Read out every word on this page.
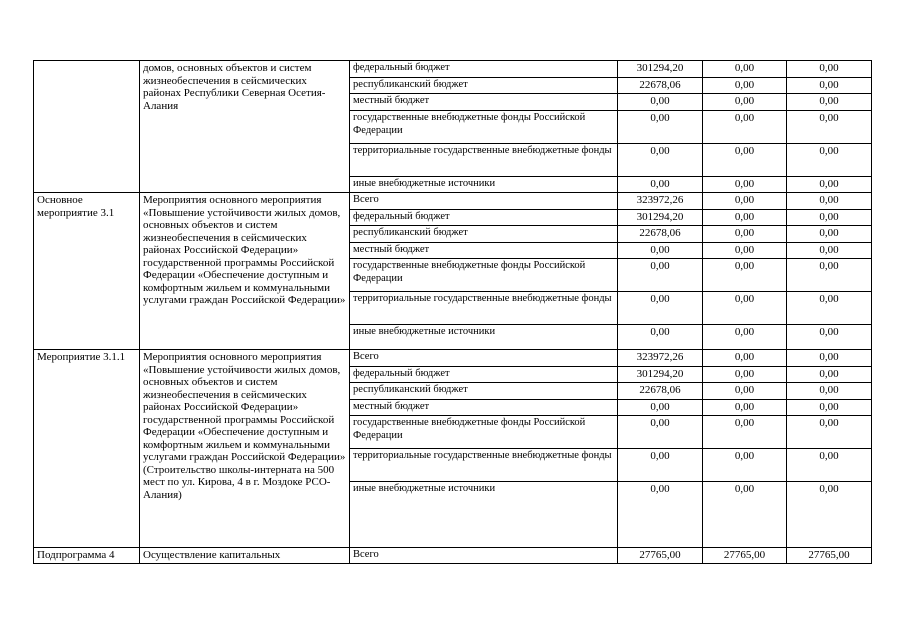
	домов, основных объектов и систем жизнеобеспечения в сейсмических районах Республики Северная Осетия-Алания	федеральный бюджет	301294,20	0,00	0,00
		республиканский бюджет	22678,06	0,00	0,00
		местный бюджет	0,00	0,00	0,00
		государственные внебюджетные фонды Российской Федерации	0,00	0,00	0,00
		территориальные государственные внебюджетные фонды	0,00	0,00	0,00
		иные внебюджетные источники	0,00	0,00	0,00
Основное мероприятие 3.1	Мероприятия основного мероприятия «Повышение устойчивости жилых домов, основных объектов и систем жизнеобеспечения в сейсмических районах Российской Федерации» государственной программы Российской Федерации «Обеспечение доступным и комфортным жильем и коммунальными услугами граждан Российской Федерации»	Всего	323972,26	0,00	0,00
		федеральный бюджет	301294,20	0,00	0,00
		республиканский бюджет	22678,06	0,00	0,00
		местный бюджет	0,00	0,00	0,00
		государственные внебюджетные фонды Российской Федерации	0,00	0,00	0,00
		территориальные государственные внебюджетные фонды	0,00	0,00	0,00
		иные внебюджетные источники	0,00	0,00	0,00
Мероприятие 3.1.1	Мероприятия основного мероприятия «Повышение устойчивости жилых домов, основных объектов и систем жизнеобеспечения в сейсмических районах Российской Федерации» государственной программы Российской Федерации «Обеспечение доступным и комфортным жильем и коммунальными услугами граждан Российской Федерации» (Строительство школы-интерната на 500 мест по ул. Кирова, 4 в г. Моздоке РСО-Алания)	Всего	323972,26	0,00	0,00
		федеральный бюджет	301294,20	0,00	0,00
		республиканский бюджет	22678,06	0,00	0,00
		местный бюджет	0,00	0,00	0,00
		государственные внебюджетные фонды Российской Федерации	0,00	0,00	0,00
		территориальные государственные внебюджетные фонды	0,00	0,00	0,00
		иные внебюджетные источники	0,00	0,00	0,00
Подпрограмма 4	Осуществление капитальных	Всего	27765,00	27765,00	27765,00
